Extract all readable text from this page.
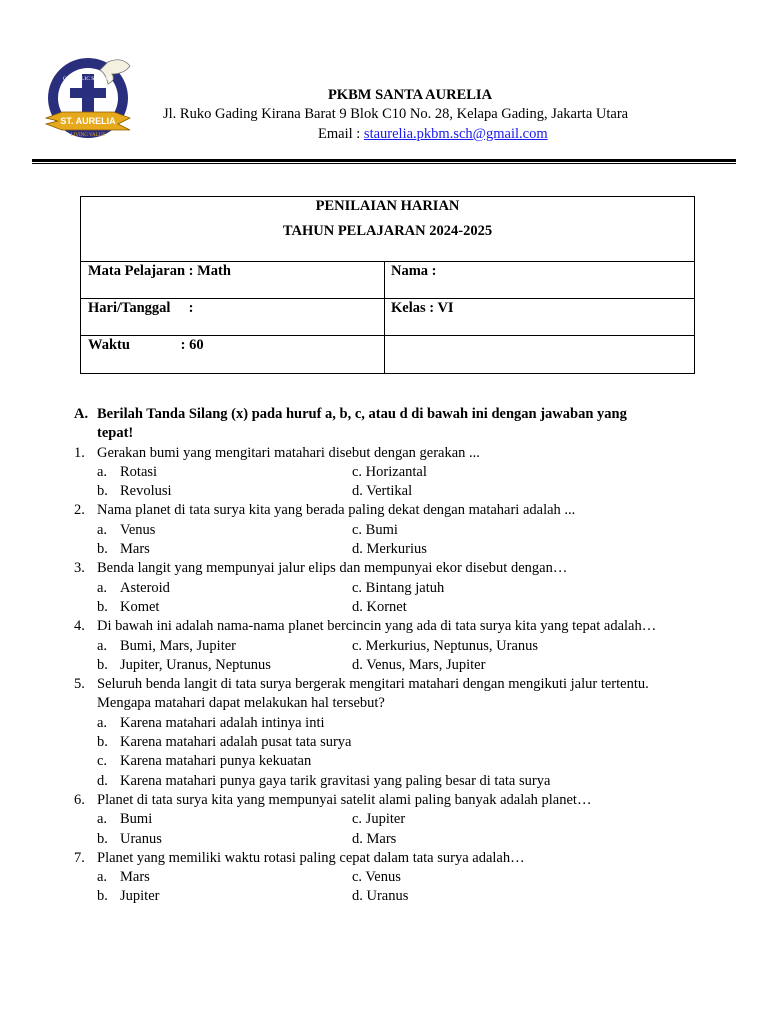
CATHOLIC SCHOOL
19	97
ST. AURELIA
LIVING VALUE
PKBM SANTA AURELIA
Jl. Ruko Gading Kirana Barat 9 Blok C10 No. 28, Kelapa Gading, Jakarta Utara
Email : staurelia.pkbm.sch@gmail.com
PENILAIAN HARIAN
TAHUN PELAJARAN 2024-2025
Mata Pelajaran : Math	Nama :
Hari/Tanggal     :	Kelas : VI
Waktu              : 60
A. Berilah Tanda Silang (x) pada huruf a, b, c, atau d di bawah ini dengan jawaban yang
tepat!
1. Gerakan bumi yang mengitari matahari disebut dengan gerakan ...
a. Rotasi	c. Horizantal
b. Revolusi	d. Vertikal
2. Nama planet di tata surya kita yang berada paling dekat dengan matahari adalah ...
a. Venus	c. Bumi
b. Mars	d. Merkurius
3. Benda langit yang mempunyai jalur elips dan mempunyai ekor disebut dengan…
a. Asteroid	c. Bintang jatuh
b. Komet	d. Kornet
4. Di bawah ini adalah nama-nama planet bercincin yang ada di tata surya kita yang tepat adalah…
a. Bumi, Mars, Jupiter	c. Merkurius, Neptunus, Uranus
b. Jupiter, Uranus, Neptunus	d. Venus, Mars, Jupiter
5. Seluruh benda langit di tata surya bergerak mengitari matahari dengan mengikuti jalur tertentu.
Mengapa matahari dapat melakukan hal tersebut?
a. Karena matahari adalah intinya inti
b. Karena matahari adalah pusat tata surya
c. Karena matahari punya kekuatan
d. Karena matahari punya gaya tarik gravitasi yang paling besar di tata surya
6. Planet di tata surya kita yang mempunyai satelit alami paling banyak adalah planet…
a. Bumi	c. Jupiter
b. Uranus	d. Mars
7. Planet yang memiliki waktu rotasi paling cepat dalam tata surya adalah…
a. Mars	c. Venus
b. Jupiter	d. Uranus
